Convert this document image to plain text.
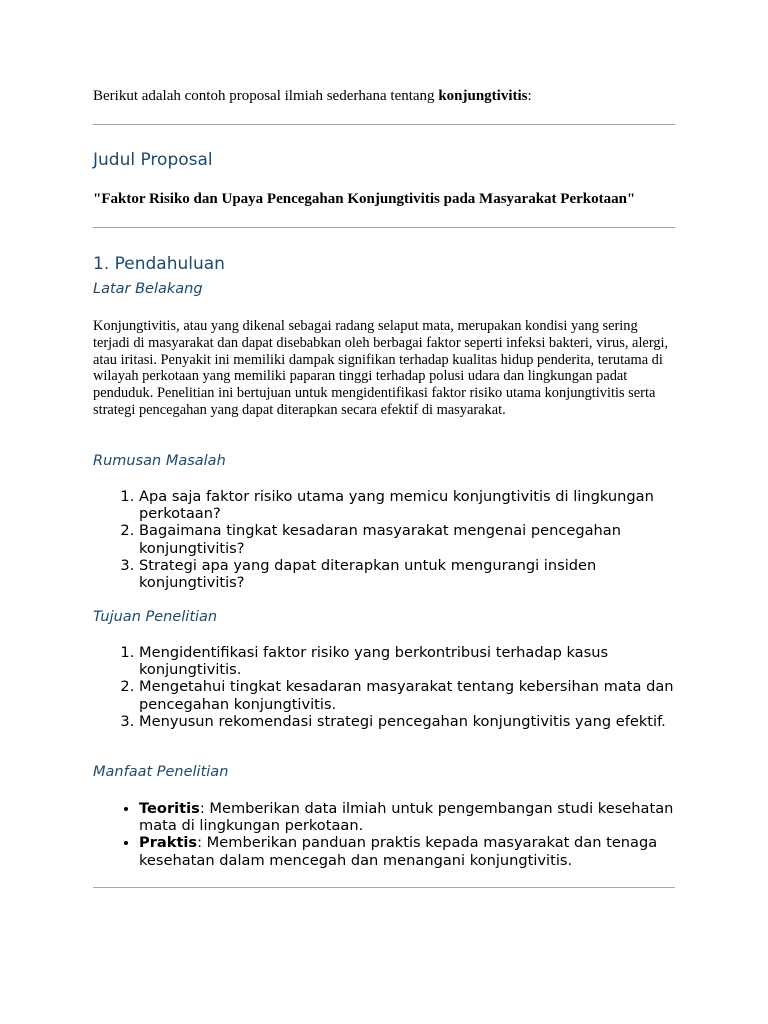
Berikut adalah contoh proposal ilmiah sederhana tentang konjungtivitis:
Judul Proposal
"Faktor Risiko dan Upaya Pencegahan Konjungtivitis pada Masyarakat Perkotaan"
1. Pendahuluan
Latar Belakang
Konjungtivitis, atau yang dikenal sebagai radang selaput mata, merupakan kondisi yang sering terjadi di masyarakat dan dapat disebabkan oleh berbagai faktor seperti infeksi bakteri, virus, alergi, atau iritasi. Penyakit ini memiliki dampak signifikan terhadap kualitas hidup penderita, terutama di wilayah perkotaan yang memiliki paparan tinggi terhadap polusi udara dan lingkungan padat penduduk. Penelitian ini bertujuan untuk mengidentifikasi faktor risiko utama konjungtivitis serta strategi pencegahan yang dapat diterapkan secara efektif di masyarakat.
Rumusan Masalah
1. Apa saja faktor risiko utama yang memicu konjungtivitis di lingkungan perkotaan?
2. Bagaimana tingkat kesadaran masyarakat mengenai pencegahan konjungtivitis?
3. Strategi apa yang dapat diterapkan untuk mengurangi insiden konjungtivitis?
Tujuan Penelitian
1. Mengidentifikasi faktor risiko yang berkontribusi terhadap kasus konjungtivitis.
2. Mengetahui tingkat kesadaran masyarakat tentang kebersihan mata dan pencegahan konjungtivitis.
3. Menyusun rekomendasi strategi pencegahan konjungtivitis yang efektif.
Manfaat Penelitian
• Teoritis: Memberikan data ilmiah untuk pengembangan studi kesehatan mata di lingkungan perkotaan.
• Praktis: Memberikan panduan praktis kepada masyarakat dan tenaga kesehatan dalam mencegah dan menangani konjungtivitis.
